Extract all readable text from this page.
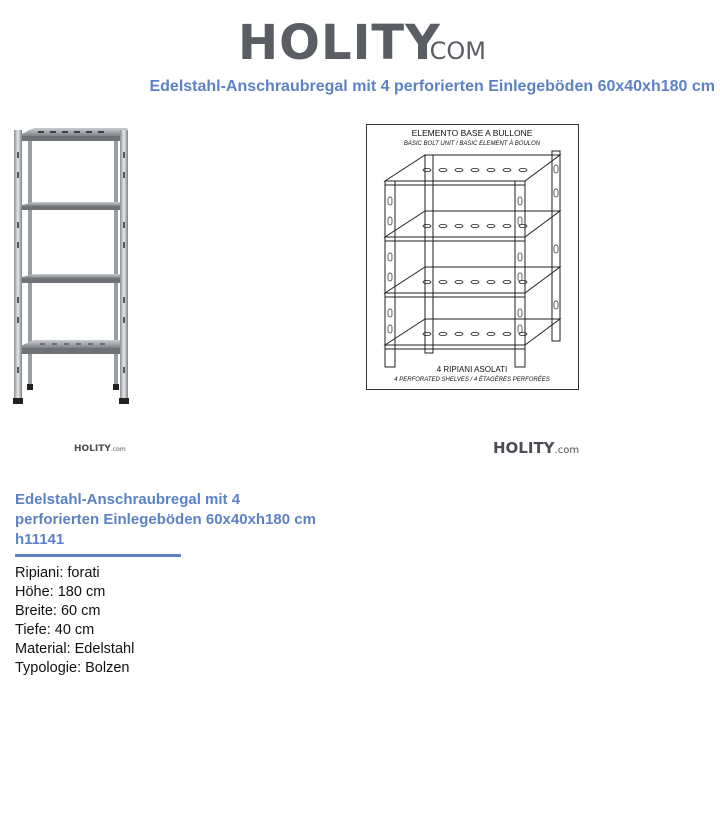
HOLITY
.COM
Edelstahl-Anschraubregal mit 4 perforierten Einlegeböden 60x40xh180 cm
ELEMENTO BASE A BULLONE
BASIC BOLT UNIT / BASIC ELEMENT À BOULON
4 RIPIANI ASOLATI
4 PERFORATED SHELVES / 4 ÉTAGÈRES PERFORÉES
HOLITY.com	HOLITY.com
Edelstahl-Anschraubregal mit 4 perforierten Einlegeböden 60x40xh180 cm h11141
Ripiani: forati
Höhe: 180 cm
Breite: 60 cm
Tiefe: 40 cm
Material: Edelstahl
Typologie: Bolzen
